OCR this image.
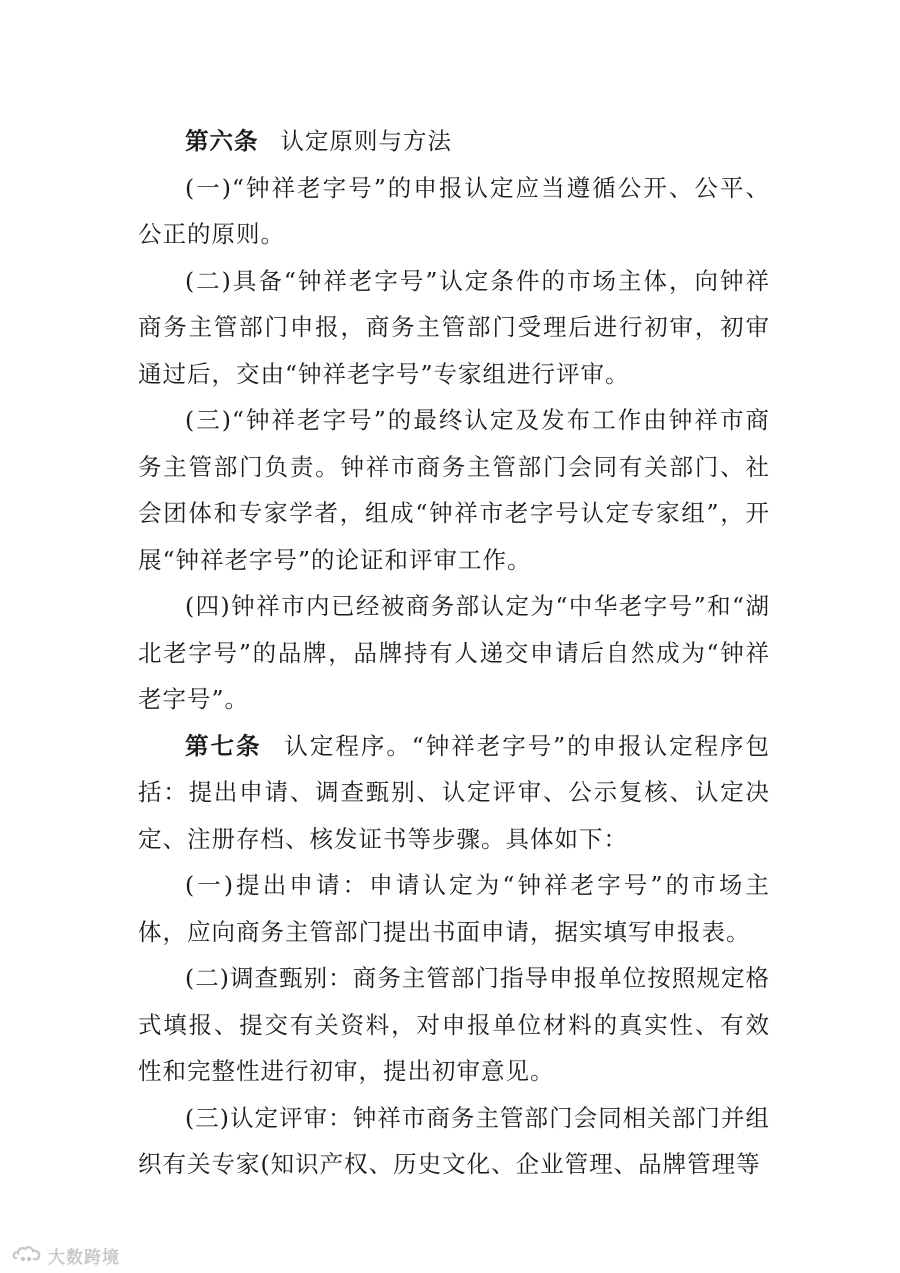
第六条 认定原则与方法

(一)“钟祥老字号”的申报认定应当遵循公开、公平、公正的原则。

(二)具备“钟祥老字号”认定条件的市场主体，向钟祥商务主管部门申报，商务主管部门受理后进行初审，初审通过后，交由“钟祥老字号”专家组进行评审。

(三)“钟祥老字号”的最终认定及发布工作由钟祥市商务主管部门负责。钟祥市商务主管部门会同有关部门、社会团体和专家学者，组成“钟祥市老字号认定专家组”，开展“钟祥老字号”的论证和评审工作。

(四)钟祥市内已经被商务部认定为“中华老字号”和“湖北老字号”的品牌，品牌持有人递交申请后自然成为“钟祥老字号”。

第七条 认定程序。“钟祥老字号”的申报认定程序包括：提出申请、调查甄别、认定评审、公示复核、认定决定、注册存档、核发证书等步骤。具体如下：

(一)提出申请：申请认定为“钟祥老字号”的市场主体，应向商务主管部门提出书面申请，据实填写申报表。

(二)调查甄别：商务主管部门指导申报单位按照规定格式填报、提交有关资料，对申报单位材料的真实性、有效性和完整性进行初审，提出初审意见。

(三)认定评审：钟祥市商务主管部门会同相关部门并组织有关专家(知识产权、历史文化、企业管理、品牌管理等

大数跨境
